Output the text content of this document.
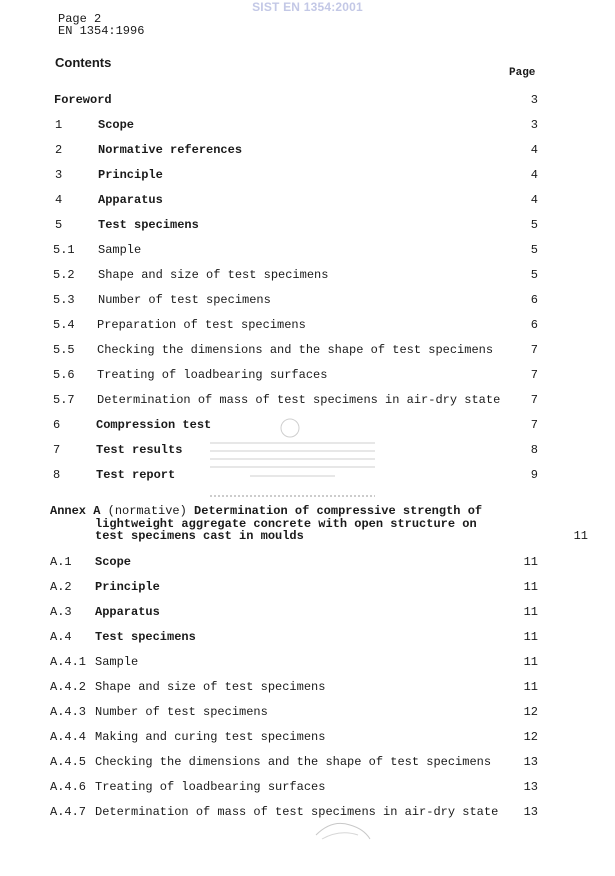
SIST EN 1354:2001
Page 2
EN 1354:1996
Contents
Page
Foreword	3
1	Scope	3
2	Normative references	4
3	Principle	4
4	Apparatus	4
5	Test specimens	5
5.1 Sample	5
5.2 Shape and size of test specimens	5
5.3 Number of test specimens	6
5.4 Preparation of test specimens	6
5.5 Checking the dimensions and the shape of test specimens	7
5.6 Treating of loadbearing surfaces	7
5.7 Determination of mass of test specimens in air-dry state	7
6	Compression test	7
7	Test results	8
8	Test report	9
Annex A (normative) Determination of compressive strength of
lightweight aggregate concrete with open structure on
test specimens cast in moulds	11
A.1 Scope	11
A.2 Principle	11
A.3 Apparatus	11
A.4 Test specimens	11
A.4.1 Sample	11
A.4.2 Shape and size of test specimens	11
A.4.3 Number of test specimens	12
A.4.4 Making and curing test specimens	12
A.4.5 Checking the dimensions and the shape of test specimens	13
A.4.6 Treating of loadbearing surfaces	13
A.4.7 Determination of mass of test specimens in air-dry state	13
